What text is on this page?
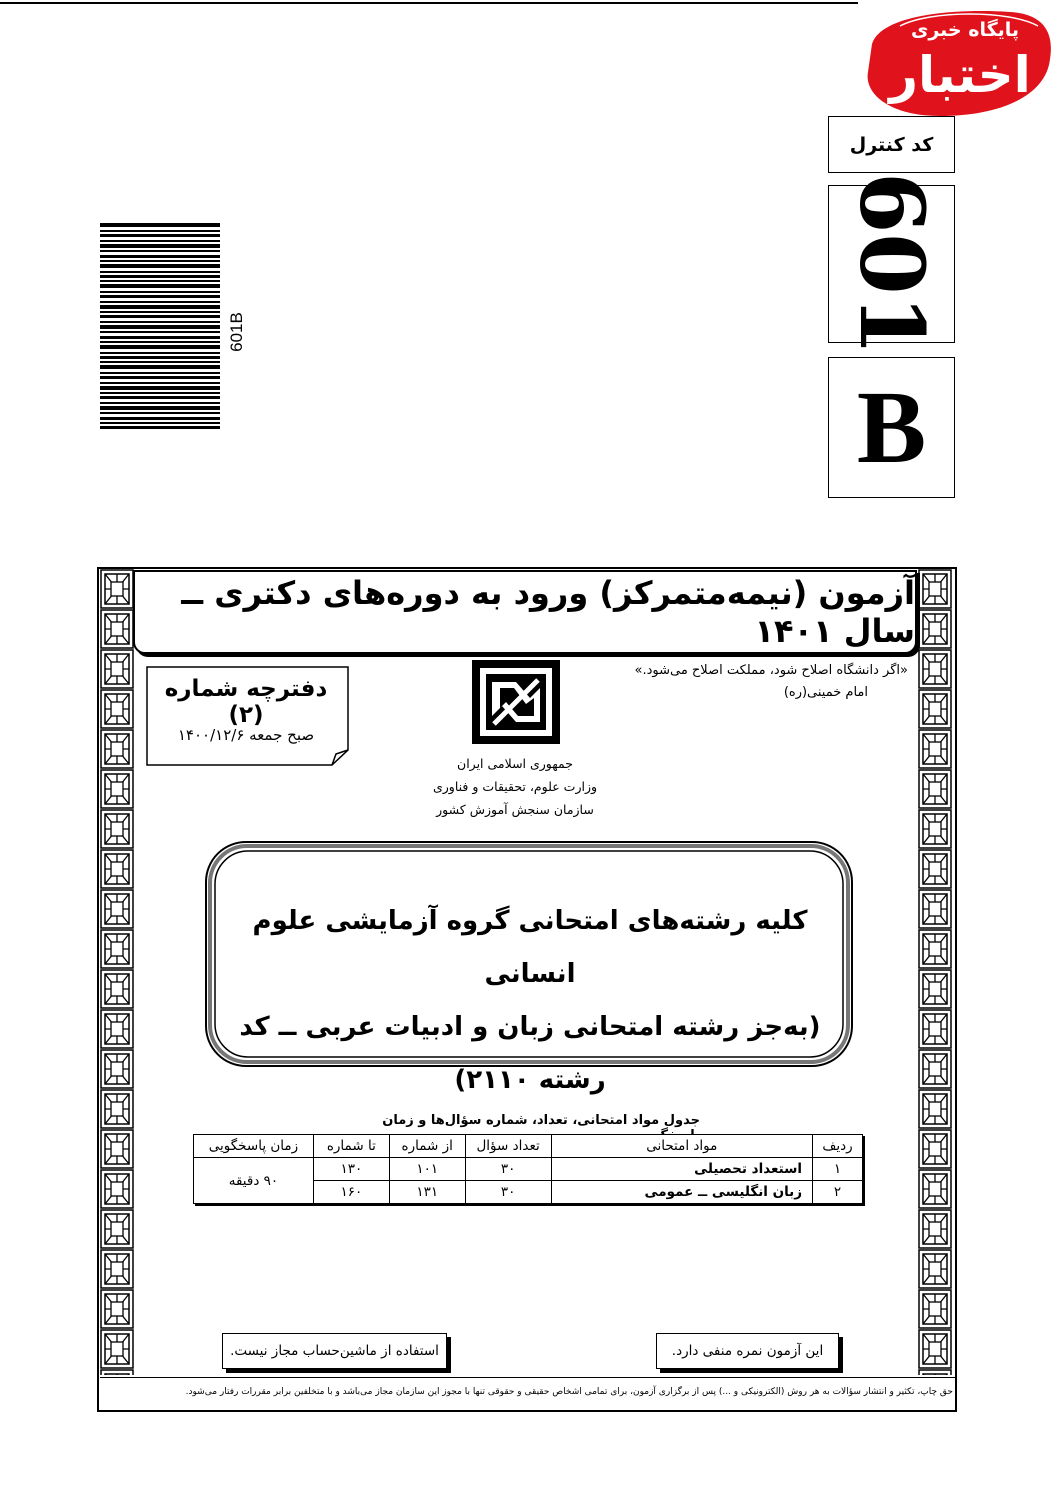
پایگاه خبری
اختبار
کد کنترل
601
B
601B
آزمون (نیمه‌متمرکز) ورود به دوره‌های دکتری ــ سال ۱۴۰۱
«اگر دانشگاه اصلاح شود، مملکت اصلاح می‌شود.»
امام خمینی(ره)
دفترچه شماره (۲)
صبح جمعه ۱۴۰۰/۱۲/۶
جمهوری اسلامی ایران
وزارت علوم، تحقیقات و فناوری
سازمان سنجش آموزش کشور
کلیه رشته‌های امتحانی گروه آزمایشی علوم انسانی
(به‌جز رشته امتحانی زبان و ادبیات عربی ــ کد رشته ۲۱۱۰)
جدول مواد امتحانی، تعداد، شماره سؤال‌ها و زمان
ردیف	مواد امتحانی	تعداد سؤال	از شماره	تا شماره	زمان پاسخگویی
۱	استعداد تحصیلی	۳۰	۱۰۱	۱۳۰	۹۰ دقیقه
۲	زبان انگلیسی ــ عمومی	۳۰	۱۳۱	۱۶۰	
استفاده از ماشین‌حساب مجاز نیست.	این آزمون نمره منفی دارد.
حق چاپ، تکثیر و انتشار سؤالات به هر روش (الکترونیکی و ...) پس از برگزاری آزمون، برای تمامی اشخاص حقیقی و حقوقی تنها با مجوز این سازمان مجاز می‌باشد و با متخلفین برابر مقررات رفتار می‌شود.
